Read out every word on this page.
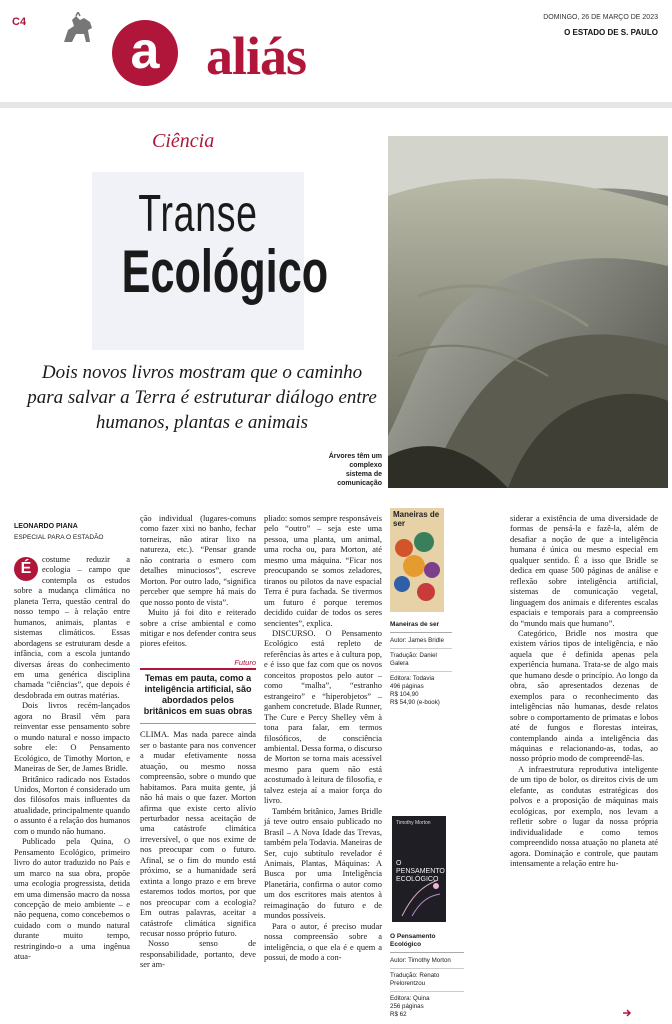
C4	a aliás
DOMINGO, 26 DE MARÇO DE 2023
O ESTADO DE S. PAULO
Ciência
Transe
Ecológico
Dois novos livros mostram que o caminho para salvar a Terra é estruturar diálogo entre humanos, plantas e animais
Árvores têm um complexo sistema de comunicação
LEONARDO PIANA
ESPECIAL PARA O ESTADÃO
É

costume reduzir a ecologia – campo que contempla os estudos sobre a mudança climática no planeta Terra, questão central do nosso tempo – à relação entre humanos, animais, plantas e sistemas climáticos. Essas abordagens se estruturam desde a infância, com a escola juntando diversas áreas do conhecimento em uma genérica disciplina chamada “ciências”, que depois é desdobrada em outras matérias.

Dois livros recém-lançados agora no Brasil vêm para reinventar esse pensamento sobre o mundo natural e nosso impacto sobre ele: O Pensamento Ecológico, de Timothy Morton, e Maneiras de Ser, de James Bridle.

Britânico radicado nos Estados Unidos, Morton é considerado um dos filósofos mais influentes da atualidade, principalmente quando o assunto é a relação dos humanos com o mundo não humano.

Publicado pela Quina, O Pensamento Ecológico, primeiro livro do autor traduzido no País e um marco na sua obra, propõe uma ecologia progressista, detida em uma dimensão macro da nossa concepção de meio ambiente – e não pequena, como concebemos o cuidado com o mundo natural durante muito tempo, restringindo-o a uma ingênua atua-

ção individual (lugares-comuns como fazer xixi no banho, fechar torneiras, não atirar lixo na natureza, etc.). “Pensar grande não contraria o esmero com detalhes minuciosos”, escreve Morton. Por outro lado, “significa perceber que sempre há mais do que nosso ponto de vista”.

Muito já foi dito e reiterado sobre a crise ambiental e como mitigar e nos defender contra seus piores efeitos.

Futuro
Temas em pauta, como a inteligência artificial, são abordados pelos britânicos em suas obras

CLIMA. Mas nada parece ainda ser o bastante para nos convencer a mudar efetivamente nossa atuação, ou mesmo nossa compreensão, sobre o mundo que habitamos. Para muita gente, já não há mais o que fazer. Morton afirma que existe certo alívio perturbador nessa aceitação de uma catástrofe climática irreversível, o que nos exime de nos preocupar com o futuro. Afinal, se o fim do mundo está próximo, se a humanidade será extinta a longo prazo e em breve estaremos todos mortos, por que nos preocupar com a ecologia? Em outras palavras, aceitar a catástrofe climática significa recusar nosso próprio futuro.

Nosso senso de responsabilidade, portanto, deve ser am-

pliado: somos sempre responsáveis pelo “outro” – seja este uma pessoa, uma planta, um animal, uma rocha ou, para Morton, até mesmo uma máquina. “Ficar nos preocupando se somos zeladores, tiranos ou pilotos da nave espacial Terra é pura fachada. Se tivermos um futuro é porque teremos decidido cuidar de todos os seres sencientes”, explica.

DISCURSO. O Pensamento Ecológico está repleto de referências às artes e à cultura pop, e é isso que faz com que os novos conceitos propostos pelo autor – como “malha”, “estranho estrangeiro” e “hiperobjetos” – ganhem concretude. Blade Runner, The Cure e Percy Shelley vêm à tona para falar, em termos filosóficos, de consciência ambiental. Dessa forma, o discurso de Morton se torna mais acessível mesmo para quem não está acostumado à leitura de filosofia, e talvez esteja aí a maior força do livro.

Também britânico, James Bridle já teve outro ensaio publicado no Brasil – A Nova Idade das Trevas, também pela Todavia. Maneiras de Ser, cujo subtítulo revelador é Animais, Plantas, Máquinas: A Busca por uma Inteligência Planetária, confirma o autor como um dos escritores mais atentos à reimaginação do futuro e de mundos possíveis.

Para o autor, é preciso mudar nossa compreensão sobre a inteligência, o que ela é e quem a possui, de modo a con-

Maneiras de ser
Maneiras de ser
Autor: James Bridle
Tradução: Daniel Galera
Editora: Todavia
496 páginas
R$ 104,90
R$ 54,90 (e-book)
Timothy Morton
O PENSAMENTO ECOLÓGICO
O Pensamento Ecológico
Autor: Timothy Morton
Tradução: Renato Prelorentzou
Editora: Quina
256 páginas
R$ 62

siderar a existência de uma diversidade de formas de pensá-la e fazê-la, além de desafiar a noção de que a inteligência humana é única ou mesmo especial em qualquer sentido. É a isso que Bridle se dedica em quase 500 páginas de análise e reflexão sobre inteligência artificial, sistemas de comunicação vegetal, linguagem dos animais e diferentes escalas espaciais e temporais para a compreensão do “mundo mais que humano”.

Categórico, Bridle nos mostra que existem vários tipos de inteligência, e não aquela que é definida apenas pela experiência humana. Trata-se de algo mais que humano desde o princípio. Ao longo da obra, são apresentados dezenas de exemplos para o reconhecimento das inteligências não humanas, desde relatos sobre o comportamento de primatas e lobos até de fungos e florestas inteiras, contemplando ainda a inteligência das máquinas e relacionando-as, todas, ao nosso próprio modo de compreendê-las.

A infraestrutura reprodutiva inteligente de um tipo de bolor, os direitos civis de um elefante, as condutas estratégicas dos polvos e a proposição de máquinas mais ecológicas, por exemplo, nos levam a refletir sobre o lugar da nossa própria individualidade e como temos compreendido nossa atuação no planeta até agora. Dominação e controle, que pautam intensamente a relação entre hu-
